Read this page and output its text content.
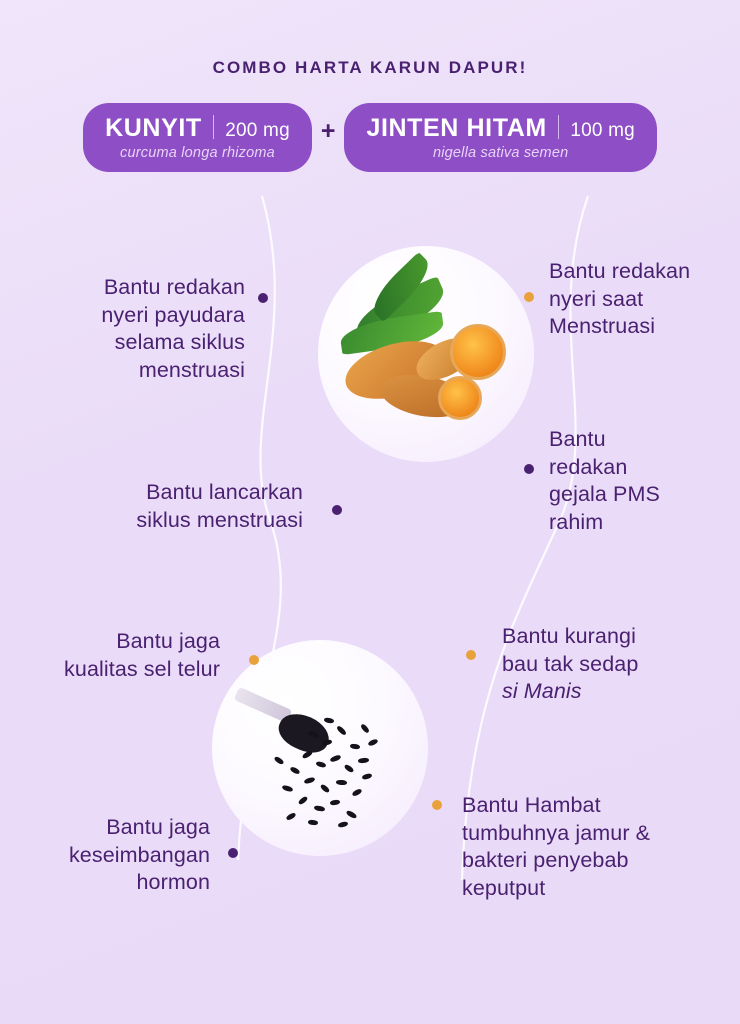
COMBO HARTA KARUN DAPUR!
KUNYIT 200 mg
curcuma longa rhizoma
+ JINTEN HITAM 100 mg
nigella sativa semen
Bantu redakan
nyeri payudara
selama siklus
menstruasi
Bantu lancarkan
siklus menstruasi
Bantu jaga
kualitas sel telur
Bantu jaga
keseimbangan
hormon
Bantu redakan
nyeri saat
Menstruasi
Bantu
redakan
gejala PMS
rahim
Bantu kurangi
bau tak sedap
si Manis
Bantu Hambat
tumbuhnya jamur &
bakteri penyebab
keputput
